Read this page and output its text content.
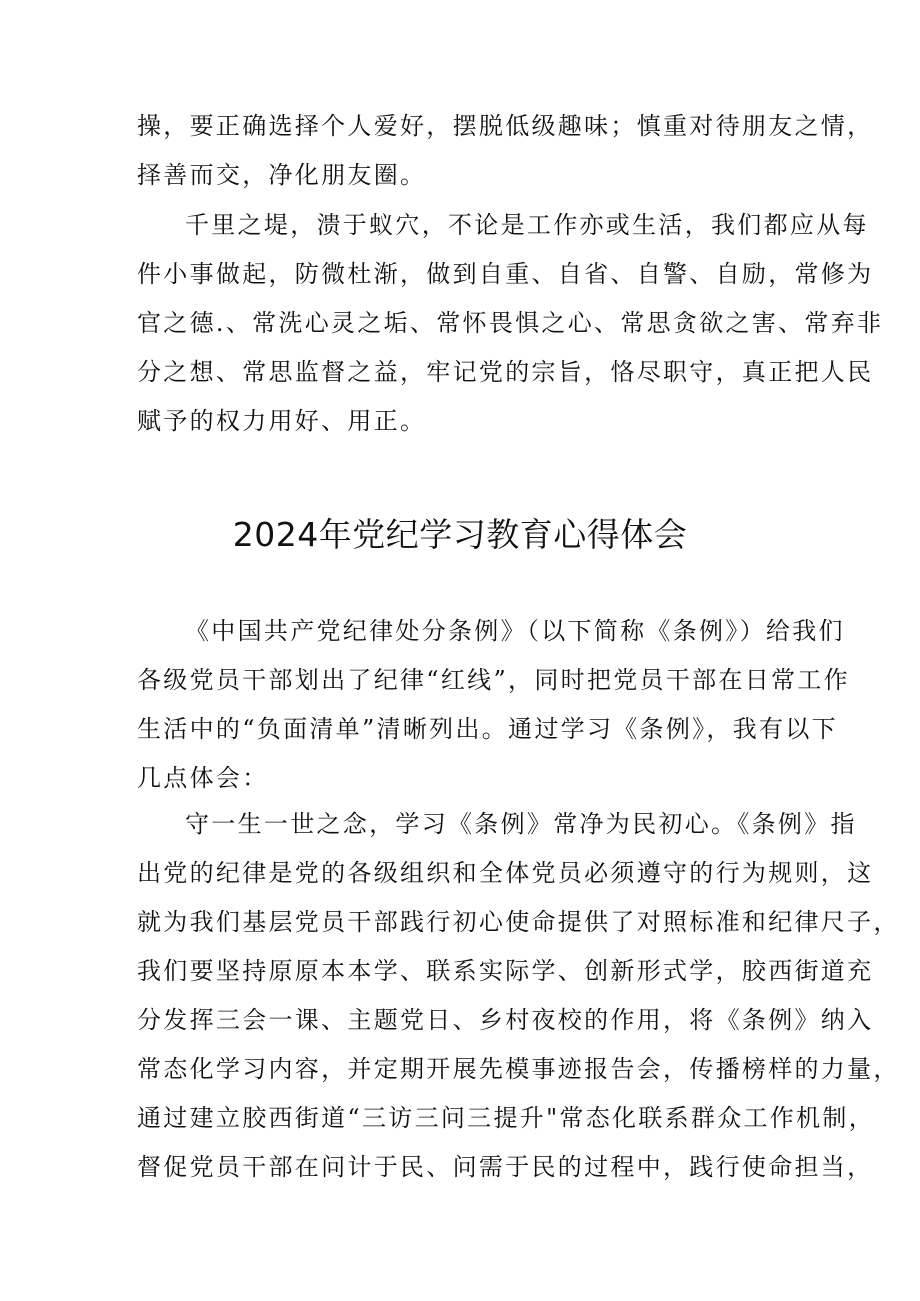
操，要正确选择个人爱好，摆脱低级趣味；慎重对待朋友之情，
择善而交，净化朋友圈。
千里之堤，溃于蚁穴，不论是工作亦或生活，我们都应从每
件小事做起，防微杜渐，做到自重、自省、自警、自励，常修为
官之德.、常洗心灵之垢、常怀畏惧之心、常思贪欲之害、常弃非
分之想、常思监督之益，牢记党的宗旨，恪尽职守，真正把人民
赋予的权力用好、用正。
2024年党纪学习教育心得体会
《中国共产党纪律处分条例》（以下简称《条例》）给我们
各级党员干部划出了纪律“红线”，同时把党员干部在日常工作
生活中的“负面清单”清晰列出。通过学习《条例》，我有以下
几点体会：
守一生一世之念，学习《条例》常净为民初心。《条例》指
出党的纪律是党的各级组织和全体党员必须遵守的行为规则，这
就为我们基层党员干部践行初心使命提供了对照标准和纪律尺子，
我们要坚持原原本本学、联系实际学、创新形式学，胶西街道充
分发挥三会一课、主题党日、乡村夜校的作用，将《条例》纳入
常态化学习内容，并定期开展先模事迹报告会，传播榜样的力量，
通过建立胶西街道“三访三问三提升"常态化联系群众工作机制，
督促党员干部在问计于民、问需于民的过程中，践行使命担当，
